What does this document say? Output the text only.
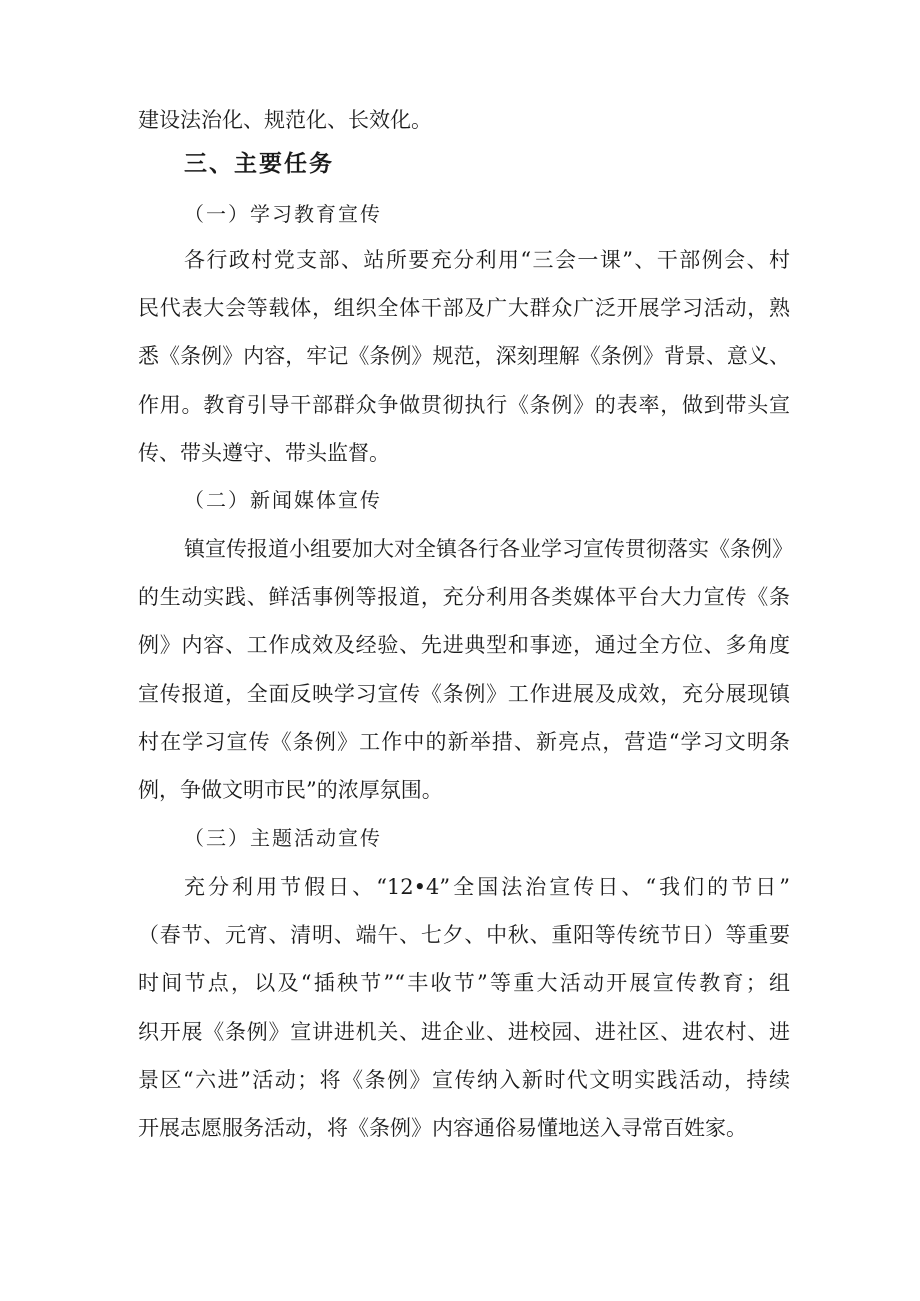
建设法治化、规范化、长效化。
三、主要任务
（一）学习教育宣传
各行政村党支部、站所要充分利用“三会一课”、干部例会、村
民代表大会等载体，组织全体干部及广大群众广泛开展学习活动，熟
悉《条例》内容，牢记《条例》规范，深刻理解《条例》背景、意义、
作用。教育引导干部群众争做贯彻执行《条例》的表率，做到带头宣
传、带头遵守、带头监督。
（二）新闻媒体宣传
镇宣传报道小组要加大对全镇各行各业学习宣传贯彻落实《条例》
的生动实践、鲜活事例等报道，充分利用各类媒体平台大力宣传《条
例》内容、工作成效及经验、先进典型和事迹，通过全方位、多角度
宣传报道，全面反映学习宣传《条例》工作进展及成效，充分展现镇
村在学习宣传《条例》工作中的新举措、新亮点，营造“学习文明条
例，争做文明市民”的浓厚氛围。
（三）主题活动宣传
充分利用节假日、“12•4”全国法治宣传日、“我们的节日”
（春节、元宵、清明、端午、七夕、中秋、重阳等传统节日）等重要
时间节点，以及“插秧节”“丰收节”等重大活动开展宣传教育；组
织开展《条例》宣讲进机关、进企业、进校园、进社区、进农村、进
景区“六进”活动；将《条例》宣传纳入新时代文明实践活动，持续
开展志愿服务活动，将《条例》内容通俗易懂地送入寻常百姓家。
